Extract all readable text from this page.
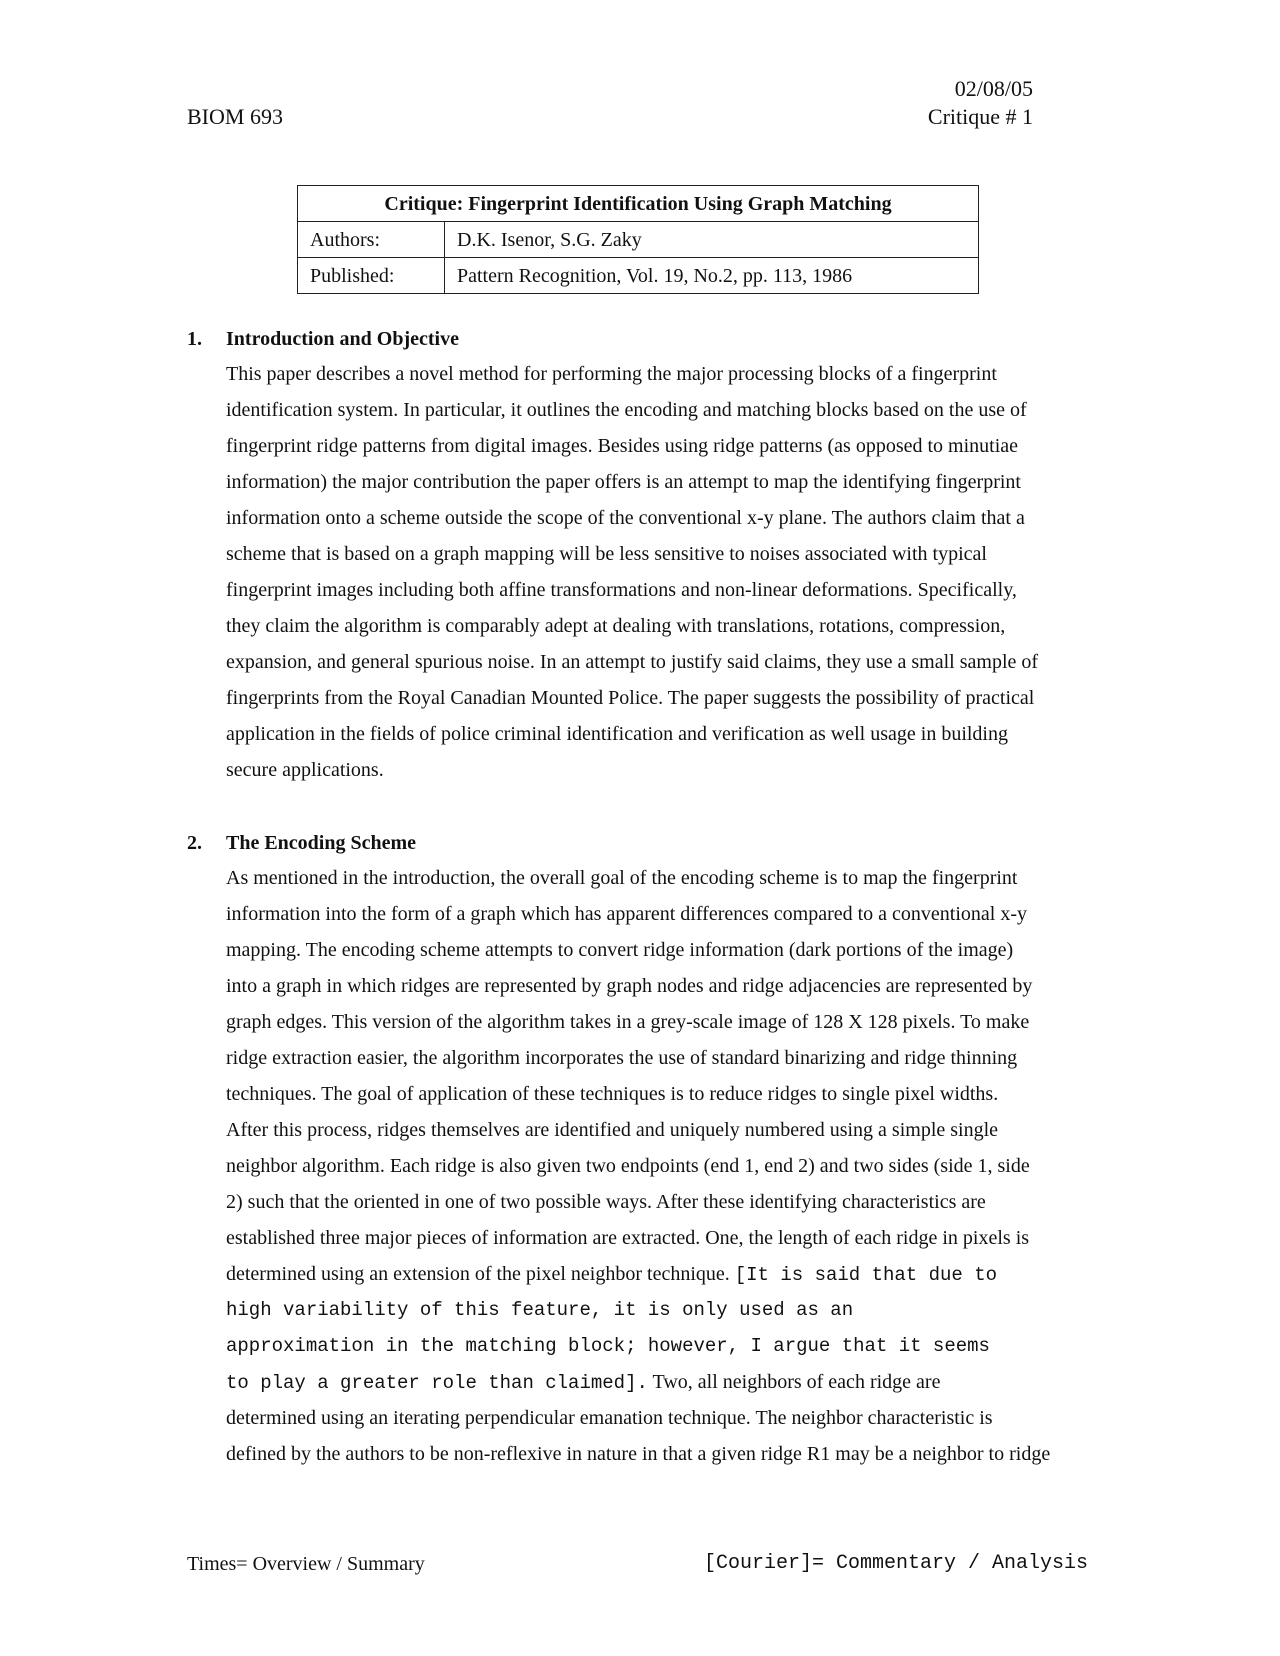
02/08/05
BIOM 693	Critique # 1
Critique: Fingerprint Identification Using Graph Matching	
Authors:	D.K. Isenor, S.G. Zaky
Published:	Pattern Recognition, Vol. 19, No.2, pp. 113, 1986
1. Introduction and Objective
This paper describes a novel method for performing the major processing blocks of a fingerprint
identification system. In particular, it outlines the encoding and matching blocks based on the use of
fingerprint ridge patterns from digital images. Besides using ridge patterns (as opposed to minutiae
information) the major contribution the paper offers is an attempt to map the identifying fingerprint
information onto a scheme outside the scope of the conventional x-y plane. The authors claim that a
scheme that is based on a graph mapping will be less sensitive to noises associated with typical
fingerprint images including both affine transformations and non-linear deformations. Specifically,
they claim the algorithm is comparably adept at dealing with translations, rotations, compression,
expansion, and general spurious noise. In an attempt to justify said claims, they use a small sample of
fingerprints from the Royal Canadian Mounted Police. The paper suggests the possibility of practical
application in the fields of police criminal identification and verification as well usage in building
secure applications.
2. The Encoding Scheme
As mentioned in the introduction, the overall goal of the encoding scheme is to map the fingerprint
information into the form of a graph which has apparent differences compared to a conventional x-y
mapping. The encoding scheme attempts to convert ridge information (dark portions of the image)
into a graph in which ridges are represented by graph nodes and ridge adjacencies are represented by
graph edges. This version of the algorithm takes in a grey-scale image of 128 X 128 pixels. To make
ridge extraction easier, the algorithm incorporates the use of standard binarizing and ridge thinning
techniques. The goal of application of these techniques is to reduce ridges to single pixel widths.
After this process, ridges themselves are identified and uniquely numbered using a simple single
neighbor algorithm. Each ridge is also given two endpoints (end 1, end 2) and two sides (side 1, side
2) such that the oriented in one of two possible ways. After these identifying characteristics are
established three major pieces of information are extracted. One, the length of each ridge in pixels is
determined using an extension of the pixel neighbor technique. [It is said that due to
high variability of this feature, it is only used as an
approximation in the matching block; however, I argue that it seems
to play a greater role than claimed]. Two, all neighbors of each ridge are
determined using an iterating perpendicular emanation technique. The neighbor characteristic is
defined by the authors to be non-reflexive in nature in that a given ridge R1 may be a neighbor to ridge
Times= Overview / Summary	[Courier]= Commentary / Analysis
